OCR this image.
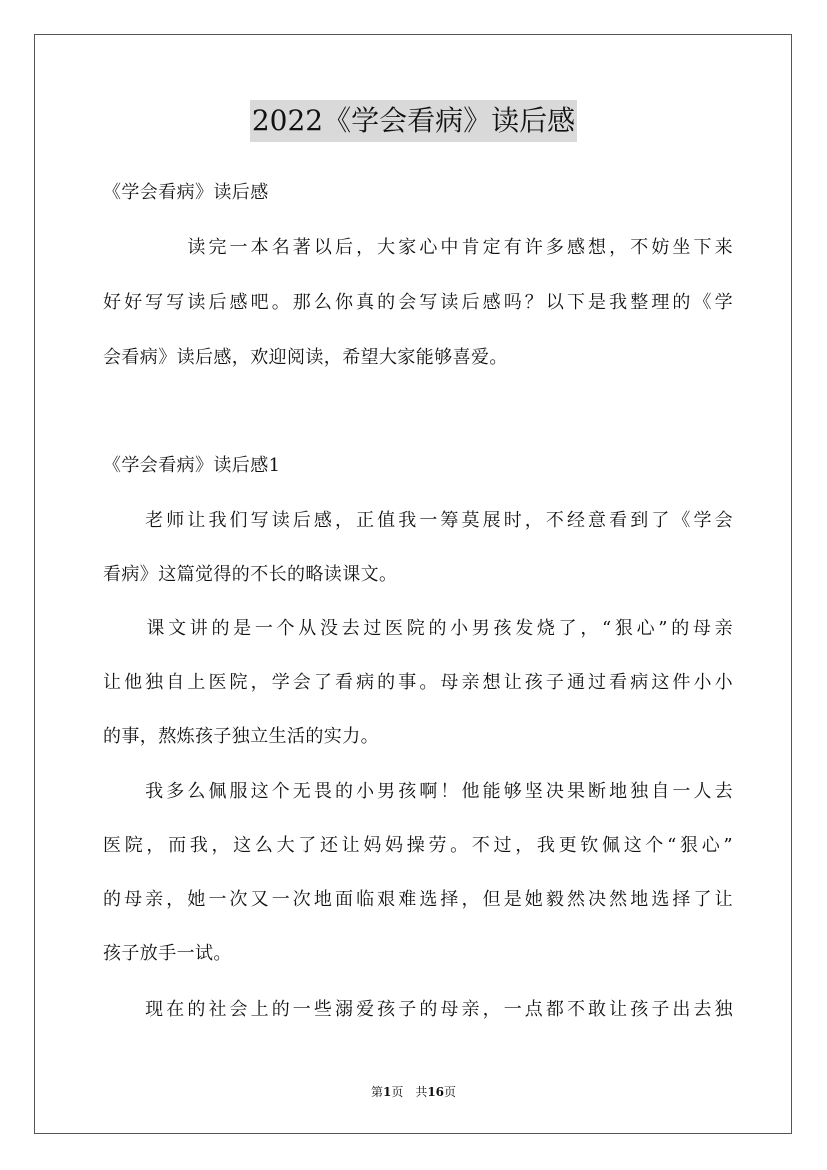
2022《学会看病》读后感
《学会看病》读后感
　　　　读完一本名著以后，大家心中肯定有许多感想，不妨坐下来
好好写写读后感吧。那么你真的会写读后感吗？以下是我整理的《学
会看病》读后感，欢迎阅读，希望大家能够喜爱。
《学会看病》读后感1
　　老师让我们写读后感，正值我一筹莫展时，不经意看到了《学会
看病》这篇觉得的不长的略读课文。
　　课文讲的是一个从没去过医院的小男孩发烧了，“狠心”的母亲
让他独自上医院，学会了看病的事。母亲想让孩子通过看病这件小小
的事，熬炼孩子独立生活的实力。
　　我多么佩服这个无畏的小男孩啊！他能够坚决果断地独自一人去
医院，而我，这么大了还让妈妈操劳。不过，我更钦佩这个“狠心”
的母亲，她一次又一次地面临艰难选择，但是她毅然决然地选择了让
孩子放手一试。
　　现在的社会上的一些溺爱孩子的母亲，一点都不敢让孩子出去独
第1页　共16页
